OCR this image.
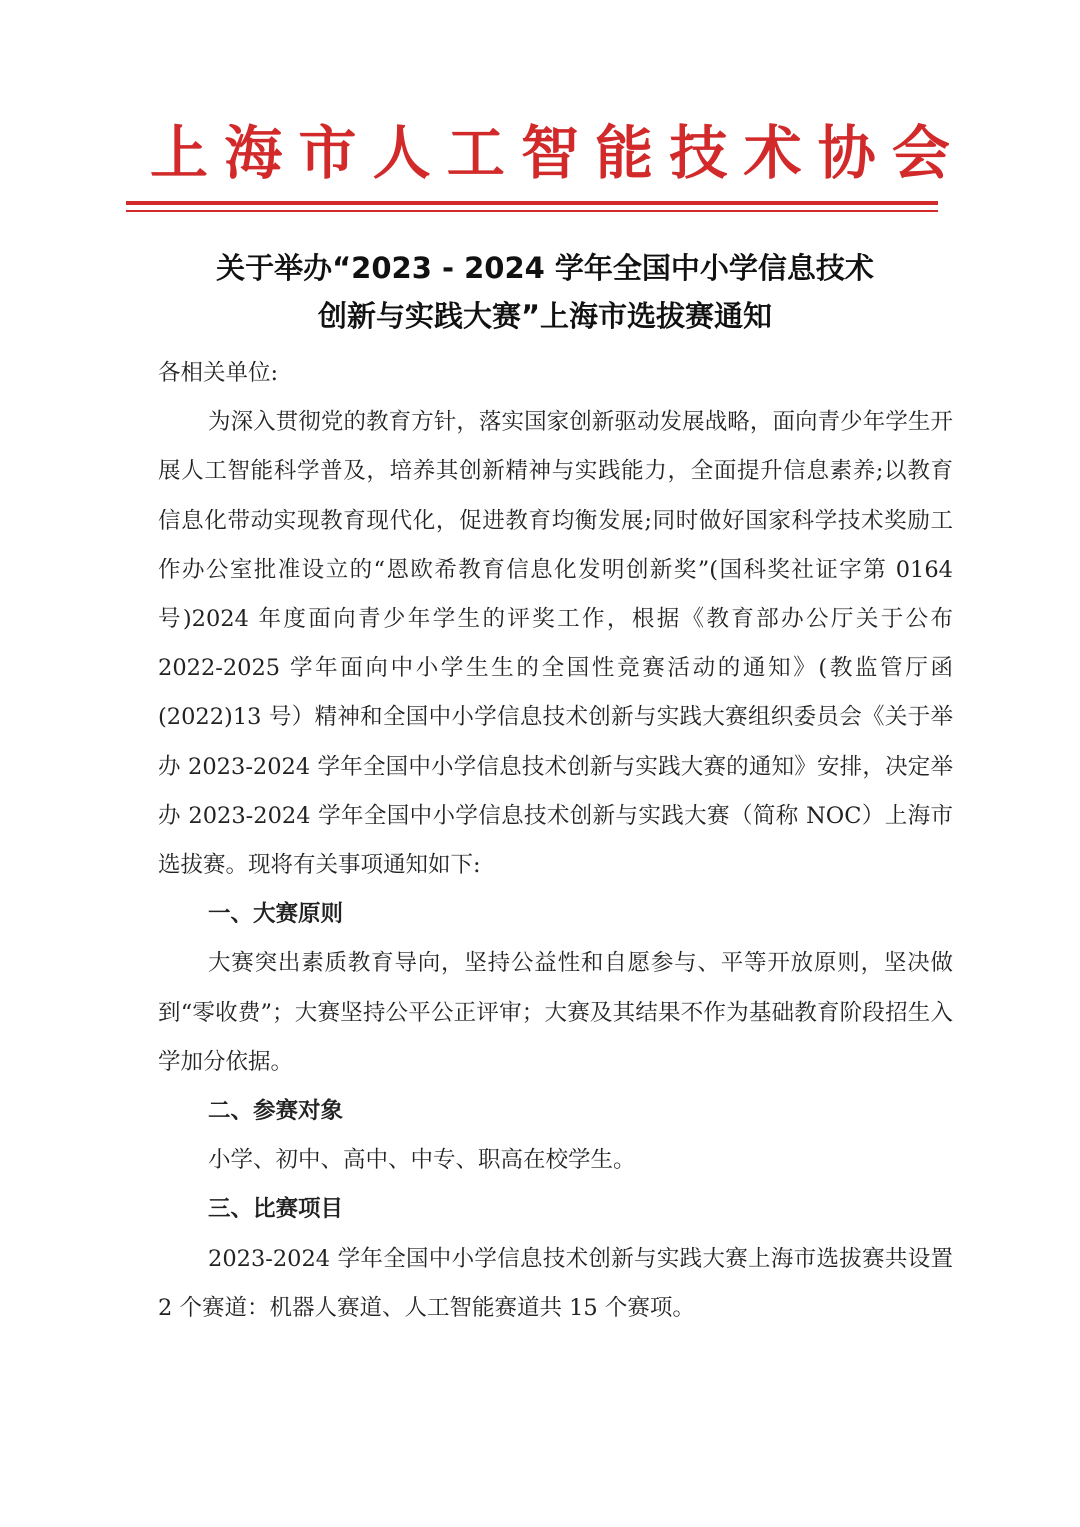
上 海 市 人 工 智 能 技 术 协 会
关于举办“2023 - 2024 学年全国中小学信息技术
创新与实践大赛”上海市选拔赛通知

各相关单位:

为深入贯彻党的教育方针，落实国家创新驱动发展战略，面向青少年学生开展人工智能科学普及，培养其创新精神与实践能力，全面提升信息素养;以教育信息化带动实现教育现代化，促进教育均衡发展;同时做好国家科学技术奖励工作办公室批准设立的“恩欧希教育信息化发明创新奖”(国科奖社证字第 0164 号)2024 年度面向青少年学生的评奖工作，根据《教育部办公厅关于公布 2022-2025 学年面向中小学生生的全国性竞赛活动的通知》(教监管厅函(2022)13 号）精神和全国中小学信息技术创新与实践大赛组织委员会《关于举办 2023-2024 学年全国中小学信息技术创新与实践大赛的通知》安排，决定举办 2023-2024 学年全国中小学信息技术创新与实践大赛（简称 NOC）上海市选拔赛。现将有关事项通知如下:

一、大赛原则

大赛突出素质教育导向，坚持公益性和自愿参与、平等开放原则，坚决做到“零收费”；大赛坚持公平公正评审；大赛及其结果不作为基础教育阶段招生入学加分依据。

二、参赛对象

小学、初中、高中、中专、职高在校学生。

三、比赛项目

2023-2024 学年全国中小学信息技术创新与实践大赛上海市选拔赛共设置 2 个赛道：机器人赛道、人工智能赛道共 15 个赛项。
